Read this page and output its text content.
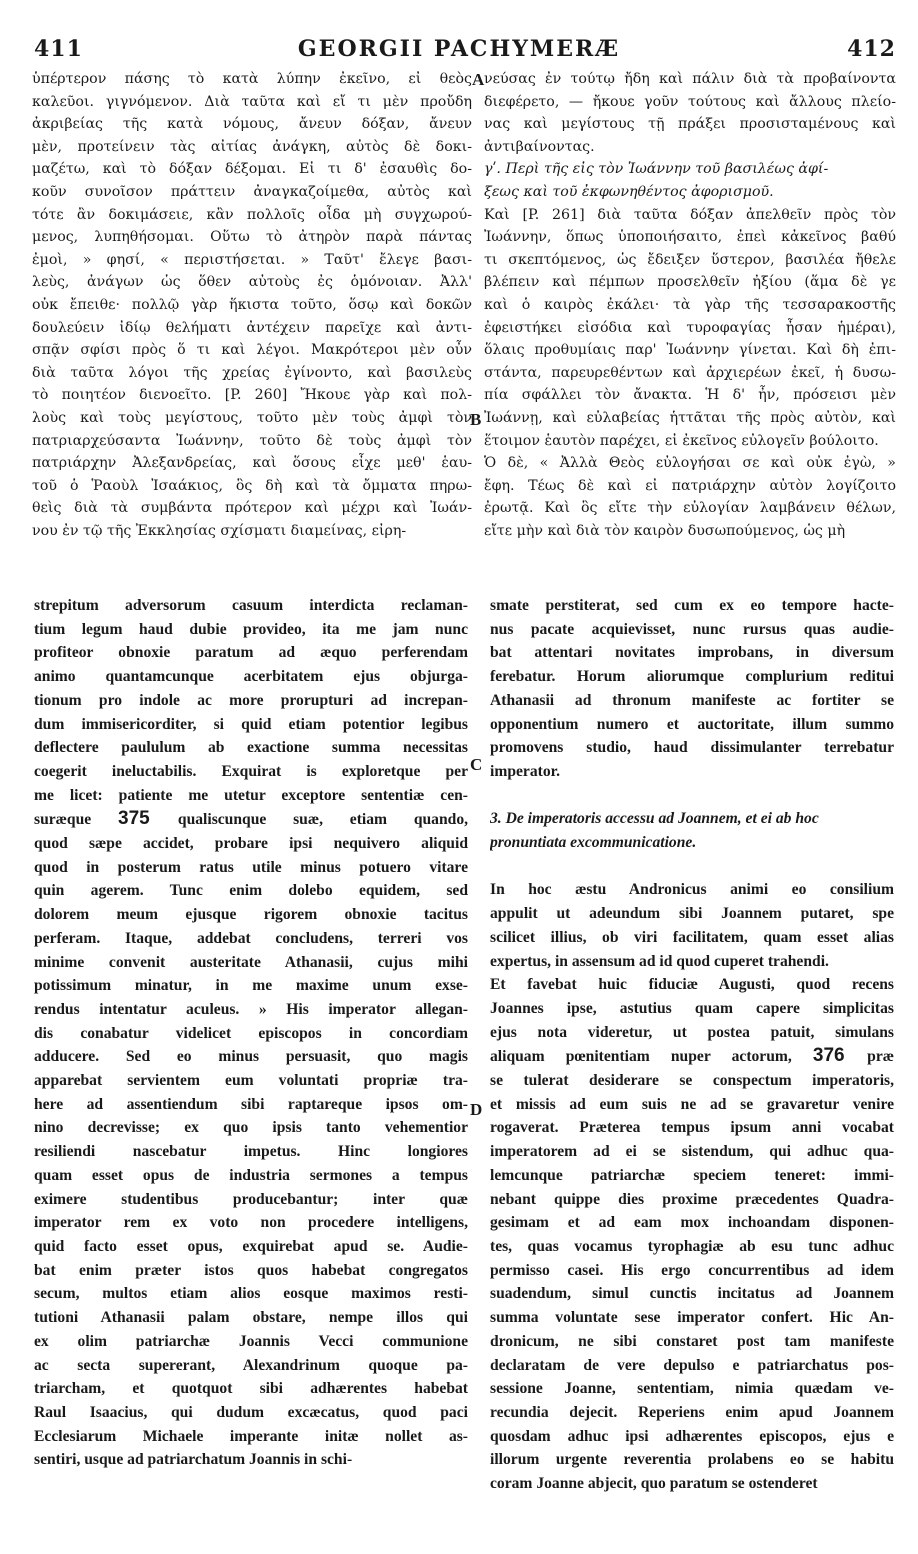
GEORGII PACHYMERÆ
411	412
A
B
C
D
ὑπέρτερον πάσης τὸ κατὰ λύπην ἐκεῖνο, εἰ θεὸς
καλεῦοι. γιγνόμενον. Διὰ ταῦτα καὶ εἴ τι μὲν προὔδη
ἀκριβείας τῆς κατὰ νόμους, ἄνευν δόξαν, ἄνευν
μὲν, προτείνειν τὰς αἰτίας ἀνάγκη, αὐτὸς δὲ δοκι-
μαζέτω, καὶ τὸ δόξαν δέξομαι. Εἰ τι δ' ἐσαυθὶς δο-
κοῦν συνοῖσον πράττειν ἀναγκαζοίμεθα, αὐτὸς καὶ
τότε ἂν δοκιμάσειε, κἂν πολλοῖς οἶδα μὴ συγχωρού-
μενος, λυπηθήσομαι. Οὕτω τὸ ἀτηρὸν παρὰ πάντας
ἐμοὶ, » φησί, « περιστήσεται. » Ταῦτ' ἔλεγε βασι-
λεὺς, ἀνάγων ὡς ὅθεν αὐτοὺς ἐς ὁμόνοιαν. Ἀλλ'
οὐκ ἔπειθε· πολλῷ γὰρ ἥκιστα τοῦτο, ὅσῳ καὶ δοκῶν
δουλεύειν ἰδίῳ θελήματι ἀντέχειν παρεῖχε καὶ ἀντι-
σπᾷν σφίσι πρὸς ὅ τι καὶ λέγοι. Μακρότεροι μὲν οὖν
διὰ ταῦτα λόγοι τῆς χρείας ἐγίνοντο, καὶ βασιλεὺς
τὸ ποιητέον διενοεῖτο. [P. 260] Ἤκουε γὰρ καὶ πολ-
λοὺς καὶ τοὺς μεγίστους, τοῦτο μὲν τοὺς ἀμφὶ τὸν
πατριαρχεύσαντα Ἰωάννην, τοῦτο δὲ τοὺς ἀμφὶ τὸν
πατριάρχην Ἀλεξανδρείας, καὶ ὅσους εἶχε μεθ' ἑαυ-
τοῦ ὁ Ῥαοὺλ Ἰσαάκιος, ὃς δὴ καὶ τὰ ὄμματα πηρω-
θεὶς διὰ τὰ συμβάντα πρότερον καὶ μέχρι καὶ Ἰωάν-
νου ἐν τῷ τῆς Ἐκκλησίας σχίσματι διαμείνας, εἰρη-
νεύσας ἐν τούτῳ ἤδη καὶ πάλιν διὰ τὰ προβαίνοντα
διεφέρετο, — ἤκουε γοῦν τούτους καὶ ἄλλους πλείο-
νας καὶ μεγίστους τῇ πράξει προσισταμένους καὶ
ἀντιβαίνοντας.
γʹ. Περὶ τῆς εἰς τὸν Ἰωάννην τοῦ βασιλέως ἀφί-
ξεως καὶ τοῦ ἐκφωνηθέντος ἀφορισμοῦ.
Καὶ [P. 261] διὰ ταῦτα δόξαν ἀπελθεῖν πρὸς τὸν
Ἰωάννην, ὅπως ὑποποιήσαιτο, ἐπεὶ κἀκεῖνος βαθύ
τι σκεπτόμενος, ὡς ἔδειξεν ὕστερον, βασιλέα ἤθελε
βλέπειν καὶ πέμπων προσελθεῖν ἠξίου (ἅμα δὲ γε
καὶ ὁ καιρὸς ἐκάλει· τὰ γὰρ τῆς τεσσαρακοστῆς
ἐφειστήκει εἰσόδια καὶ τυροφαγίας ἦσαν ἡμέραι),
ὅλαις προθυμίαις παρ' Ἰωάννην γίνεται. Καὶ δὴ ἐπι-
στάντα, παρευρεθέντων καὶ ἀρχιερέων ἐκεῖ, ἡ δυσω-
πία σφάλλει τὸν ἄνακτα. Ἡ δ' ἦν, πρόσεισι μὲν
Ἰωάννῃ, καὶ εὐλαβείας ἡττᾶται τῆς πρὸς αὐτὸν, καὶ
ἕτοιμον ἑαυτὸν παρέχει, εἰ ἐκεῖνος εὐλογεῖν βούλοιτο.
Ὁ δὲ, « Ἀλλὰ Θεὸς εὐλογήσαι σε καὶ οὐκ ἐγὼ, »
ἔφη. Τέως δὲ καὶ εἰ πατριάρχην αὐτὸν λογίζοιτο
ἐρωτᾷ. Καὶ ὃς εἴτε τὴν εὐλογίαν λαμβάνειν θέλων,
εἴτε μὴν καὶ διὰ τὸν καιρὸν δυσωπούμενος, ὡς μὴ
strepitum adversorum casuum interdicta reclaman-
tium legum haud dubie provideo, ita me jam nunc
profiteor obnoxie paratum ad æquo perferendam
animo quantamcunque acerbitatem ejus objurga-
tionum pro indole ac more prorupturi ad increpan-
dum immisericorditer, si quid etiam potentior legibus
deflectere paululum ab exactione summa necessitas
coegerit ineluctabilis. Exquirat is exploretque per
me licet: patiente me utetur exceptore sententiæ cen-
suræque 375 qualiscunque suæ, etiam quando,
quod sæpe accidet, probare ipsi nequivero aliquid
quod in posterum ratus utile minus potuero vitare
quin agerem. Tunc enim dolebo equidem, sed
dolorem meum ejusque rigorem obnoxie tacitus
perferam. Itaque, addebat concludens, terreri vos
minime convenit austeritate Athanasii, cujus mihi
potissimum minatur, in me maxime unum exse-
rendus intentatur aculeus. » His imperator allegan-
dis conabatur videlicet episcopos in concordiam
adducere. Sed eo minus persuasit, quo magis
apparebat servientem eum voluntati propriæ tra-
here ad assentiendum sibi raptareque ipsos om-
nino decrevisse; ex quo ipsis tanto vehementior
resiliendi nascebatur impetus. Hinc longiores
quam esset opus de industria sermones a tempus
eximere studentibus producebantur; inter quæ
imperator rem ex voto non procedere intelligens,
quid facto esset opus, exquirebat apud se. Audie-
bat enim præter istos quos habebat congregatos
secum, multos etiam alios eosque maximos resti-
tutioni Athanasii palam obstare, nempe illos qui
ex olim patriarchæ Joannis Vecci communione
ac secta supererant, Alexandrinum quoque pa-
triarcham, et quotquot sibi adhærentes habebat
Raul Isaacius, qui dudum excæcatus, quod paci
Ecclesiarum Michaele imperante initæ nollet as-
sentiri, usque ad patriarchatum Joannis in schi-
smate perstiterat, sed cum ex eo tempore hacte-
nus pacate acquievisset, nunc rursus quas audie-
bat attentari novitates improbans, in diversum
ferebatur. Horum aliorumque complurium reditui
Athanasii ad thronum manifeste ac fortiter se
opponentium numero et auctoritate, illum summo
promovens studio, haud dissimulanter terrebatur
imperator.

3. De imperatoris accessu ad Joannem, et ei ab hoc
pronuntiata excommunicatione.

In hoc æstu Andronicus animi eo consilium
appulit ut adeundum sibi Joannem putaret, spe
scilicet illius, ob viri facilitatem, quam esset alias
expertus, in assensum ad id quod cuperet trahendi.
Et favebat huic fiduciæ Augusti, quod recens
Joannes ipse, astutius quam capere simplicitas
ejus nota videretur, ut postea patuit, simulans
aliquam pœnitentiam nuper actorum, 376 præ
se tulerat desiderare se conspectum imperatoris,
et missis ad eum suis ne ad se gravaretur venire
rogaverat. Præterea tempus ipsum anni vocabat
imperatorem ad ei se sistendum, qui adhuc qua-
lemcunque patriarchæ speciem teneret: immi-
nebant quippe dies proxime præcedentes Quadra-
gesimam et ad eam mox inchoandam disponen-
tes, quas vocamus tyrophagiæ ab esu tunc adhuc
permisso casei. His ergo concurrentibus ad idem
suadendum, simul cunctis incitatus ad Joannem
summa voluntate sese imperator confert. Hic An-
dronicum, ne sibi constaret post tam manifeste
declaratam de vere depulso e patriarchatus pos-
sessione Joanne, sententiam, nimia quædam ve-
recundia dejecit. Reperiens enim apud Joannem
quosdam adhuc ipsi adhærentes episcopos, ejus e
illorum urgente reverentia prolabens eo se habitu
coram Joanne abjecit, quo paratum se ostenderet
